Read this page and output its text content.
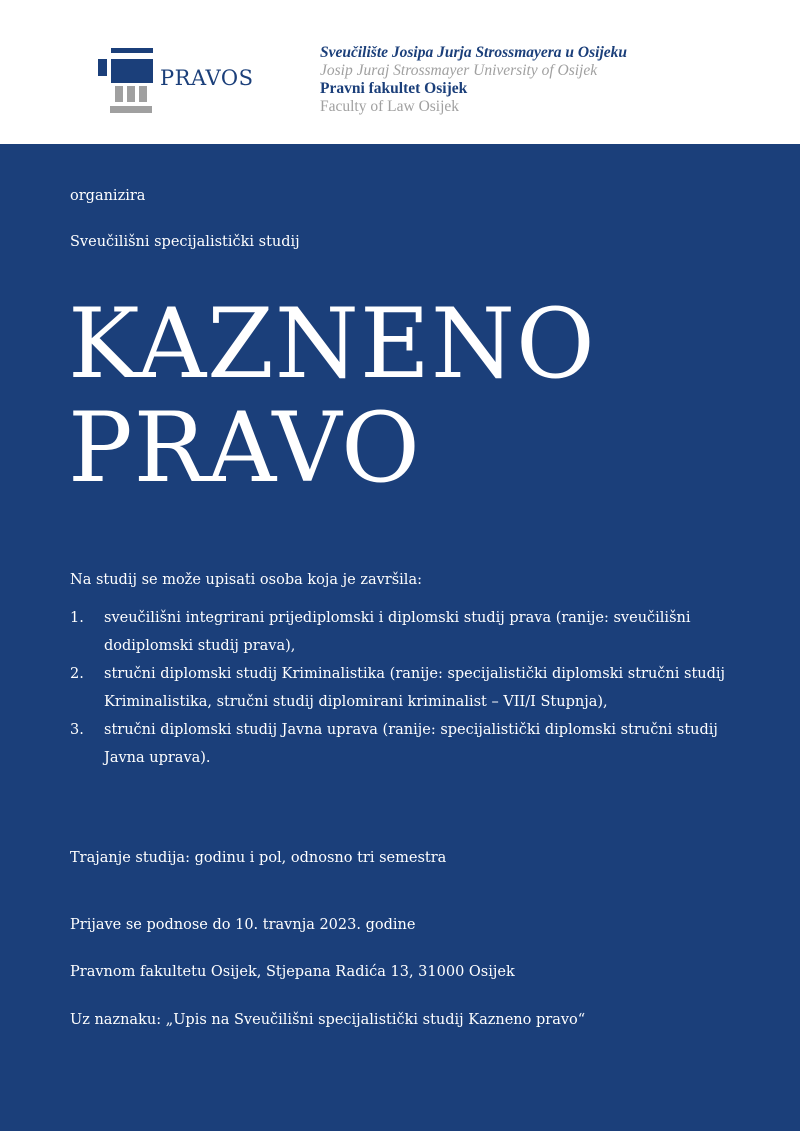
PRAVOS
Sveučilište Josipa Jurja Strossmayera u Osijeku
Josip Juraj Strossmayer University of Osijek
Pravni fakultet Osijek
Faculty of Law Osijek
organizira
Sveučilišni specijalistički studij
KAZNENO
PRAVO
Na studij se može upisati osoba koja je završila:
1. sveučilišni integrirani prijediplomski i diplomski studij prava (ranije: sveučilišni dodiplomski studij prava),
2. stručni diplomski studij Kriminalistika (ranije: specijalistički diplomski stručni studij Kriminalistika, stručni studij diplomirani kriminalist – VII/I Stupnja),
3. stručni diplomski studij Javna uprava (ranije: specijalistički diplomski stručni studij Javna uprava).
Trajanje studija: godinu i pol, odnosno tri semestra
Prijave se podnose do 10. travnja 2023. godine
Pravnom fakultetu Osijek, Stjepana Radića 13, 31000 Osijek
Uz naznaku: „Upis na Sveučilišni specijalistički studij Kazneno pravo“
